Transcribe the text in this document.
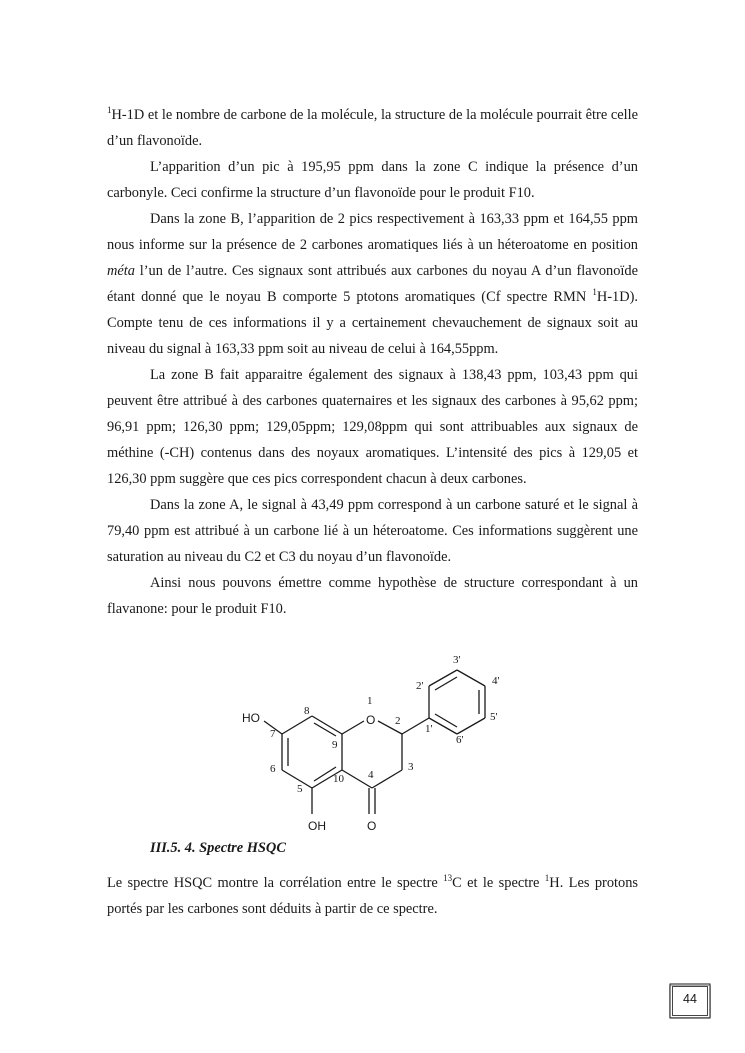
$^1$H-1D et le nombre de carbone de la molécule, la structure de la molécule pourrait être celle d’un flavonoïde.

L’apparition d’un pic à 195,95 ppm dans la zone C indique la présence d’un carbonyle. Ceci confirme la structure d’un flavonoïde pour le produit F10.

Dans la zone B, l’apparition de 2 pics respectivement à 163,33 ppm et 164,55 ppm nous informe sur la présence de 2 carbones aromatiques liés à un héteroatome en position méta l’un de l’autre. Ces signaux sont attribués aux carbones du noyau A d’un flavonoïde étant donné que le noyau B comporte 5 ptotons aromatiques (Cf spectre RMN $^1$H-1D). Compte tenu de ces informations il y a certainement chevauchement de signaux soit au niveau du signal à 163,33 ppm soit au niveau de celui à 164,55ppm.

La zone B fait apparaitre également des signaux à 138,43 ppm, 103,43 ppm qui peuvent être attribué à des carbones quaternaires et les signaux des carbones à 95,62 ppm; 96,91 ppm; 126,30 ppm; 129,05ppm; 129,08ppm qui sont attribuables aux signaux de méthine (-CH) contenus dans des noyaux aromatiques. L’intensité des pics à 129,05 et 126,30 ppm suggère que ces pics correspondent chacun à deux carbones.

Dans la zone A, le signal à 43,49 ppm correspond à un carbone saturé et le signal à 79,40 ppm est attribué à un carbone lié à un héteroatome. Ces informations suggèrent une saturation au niveau du C2 et C3 du noyau d’un flavonoïde.

Ainsi nous pouvons émettre comme hypothèse de structure correspondant à un flavanone: pour le produit F10.

HO
OH	O
O
1
2
3
4
5
6
7
8
9
10
1'
2'
3'
4'
5'
6'
III.5. 4. Spectre HSQC
Le spectre HSQC montre la corrélation entre le spectre $^{13}$C et le spectre $^1$H. Les protons portés par les carbones sont déduits à partir de ce spectre.
44
